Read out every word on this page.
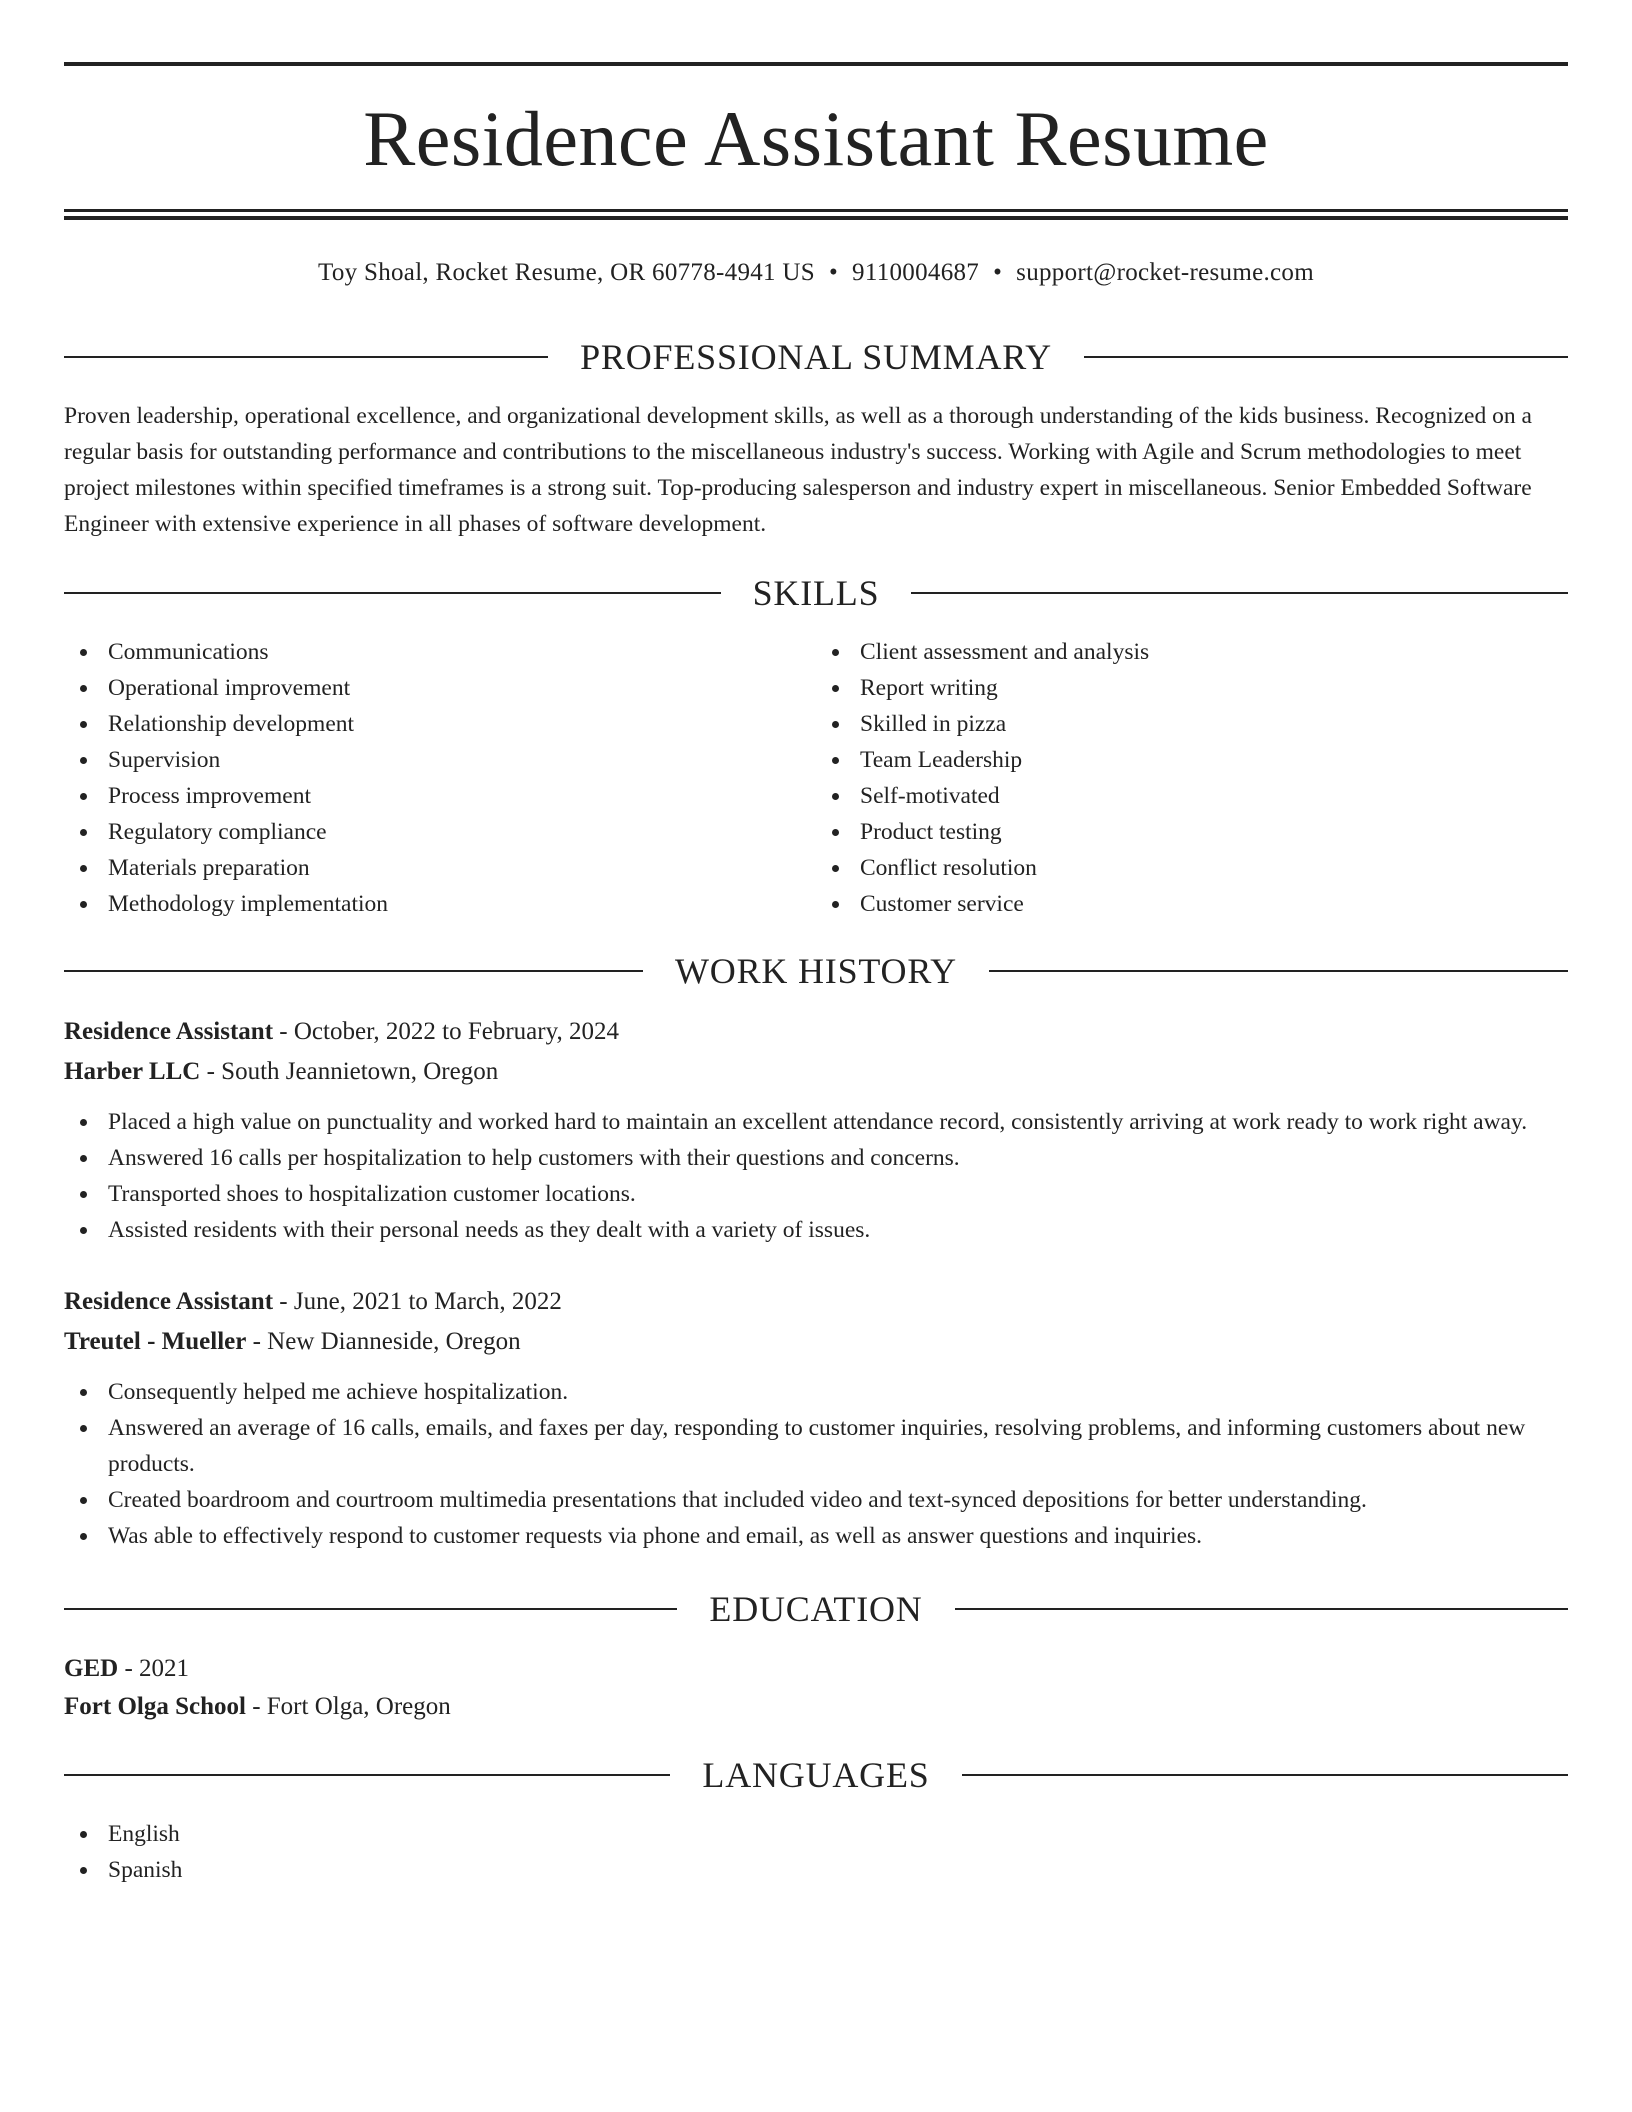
Residence Assistant Resume
Toy Shoal, Rocket Resume, OR 60778-4941 US • 9110004687 • support@rocket-resume.com
PROFESSIONAL SUMMARY

Proven leadership, operational excellence, and organizational development skills, as well as a thorough understanding of the kids business. Recognized on a regular basis for outstanding performance and contributions to the miscellaneous industry's success. Working with Agile and Scrum methodologies to meet project milestones within specified timeframes is a strong suit. Top-producing salesperson and industry expert in miscellaneous. Senior Embedded Software Engineer with extensive experience in all phases of software development.

SKILLS
Communications
Operational improvement
Relationship development
Supervision
Process improvement
Regulatory compliance
Materials preparation
Methodology implementation
Client assessment and analysis
Report writing
Skilled in pizza
Team Leadership
Self-motivated
Product testing
Conflict resolution
Customer service
WORK HISTORY
Residence Assistant - October, 2022 to February, 2024
Harber LLC - South Jeannietown, Oregon
Placed a high value on punctuality and worked hard to maintain an excellent attendance record, consistently arriving at work ready to work right away.
Answered 16 calls per hospitalization to help customers with their questions and concerns.
Transported shoes to hospitalization customer locations.
Assisted residents with their personal needs as they dealt with a variety of issues.
Residence Assistant - June, 2021 to March, 2022
Treutel - Mueller - New Dianneside, Oregon
Consequently helped me achieve hospitalization.
Answered an average of 16 calls, emails, and faxes per day, responding to customer inquiries, resolving problems, and informing customers about new products.
Created boardroom and courtroom multimedia presentations that included video and text-synced depositions for better understanding.
Was able to effectively respond to customer requests via phone and email, as well as answer questions and inquiries.
EDUCATION
GED - 2021
Fort Olga School - Fort Olga, Oregon
LANGUAGES
English
Spanish
